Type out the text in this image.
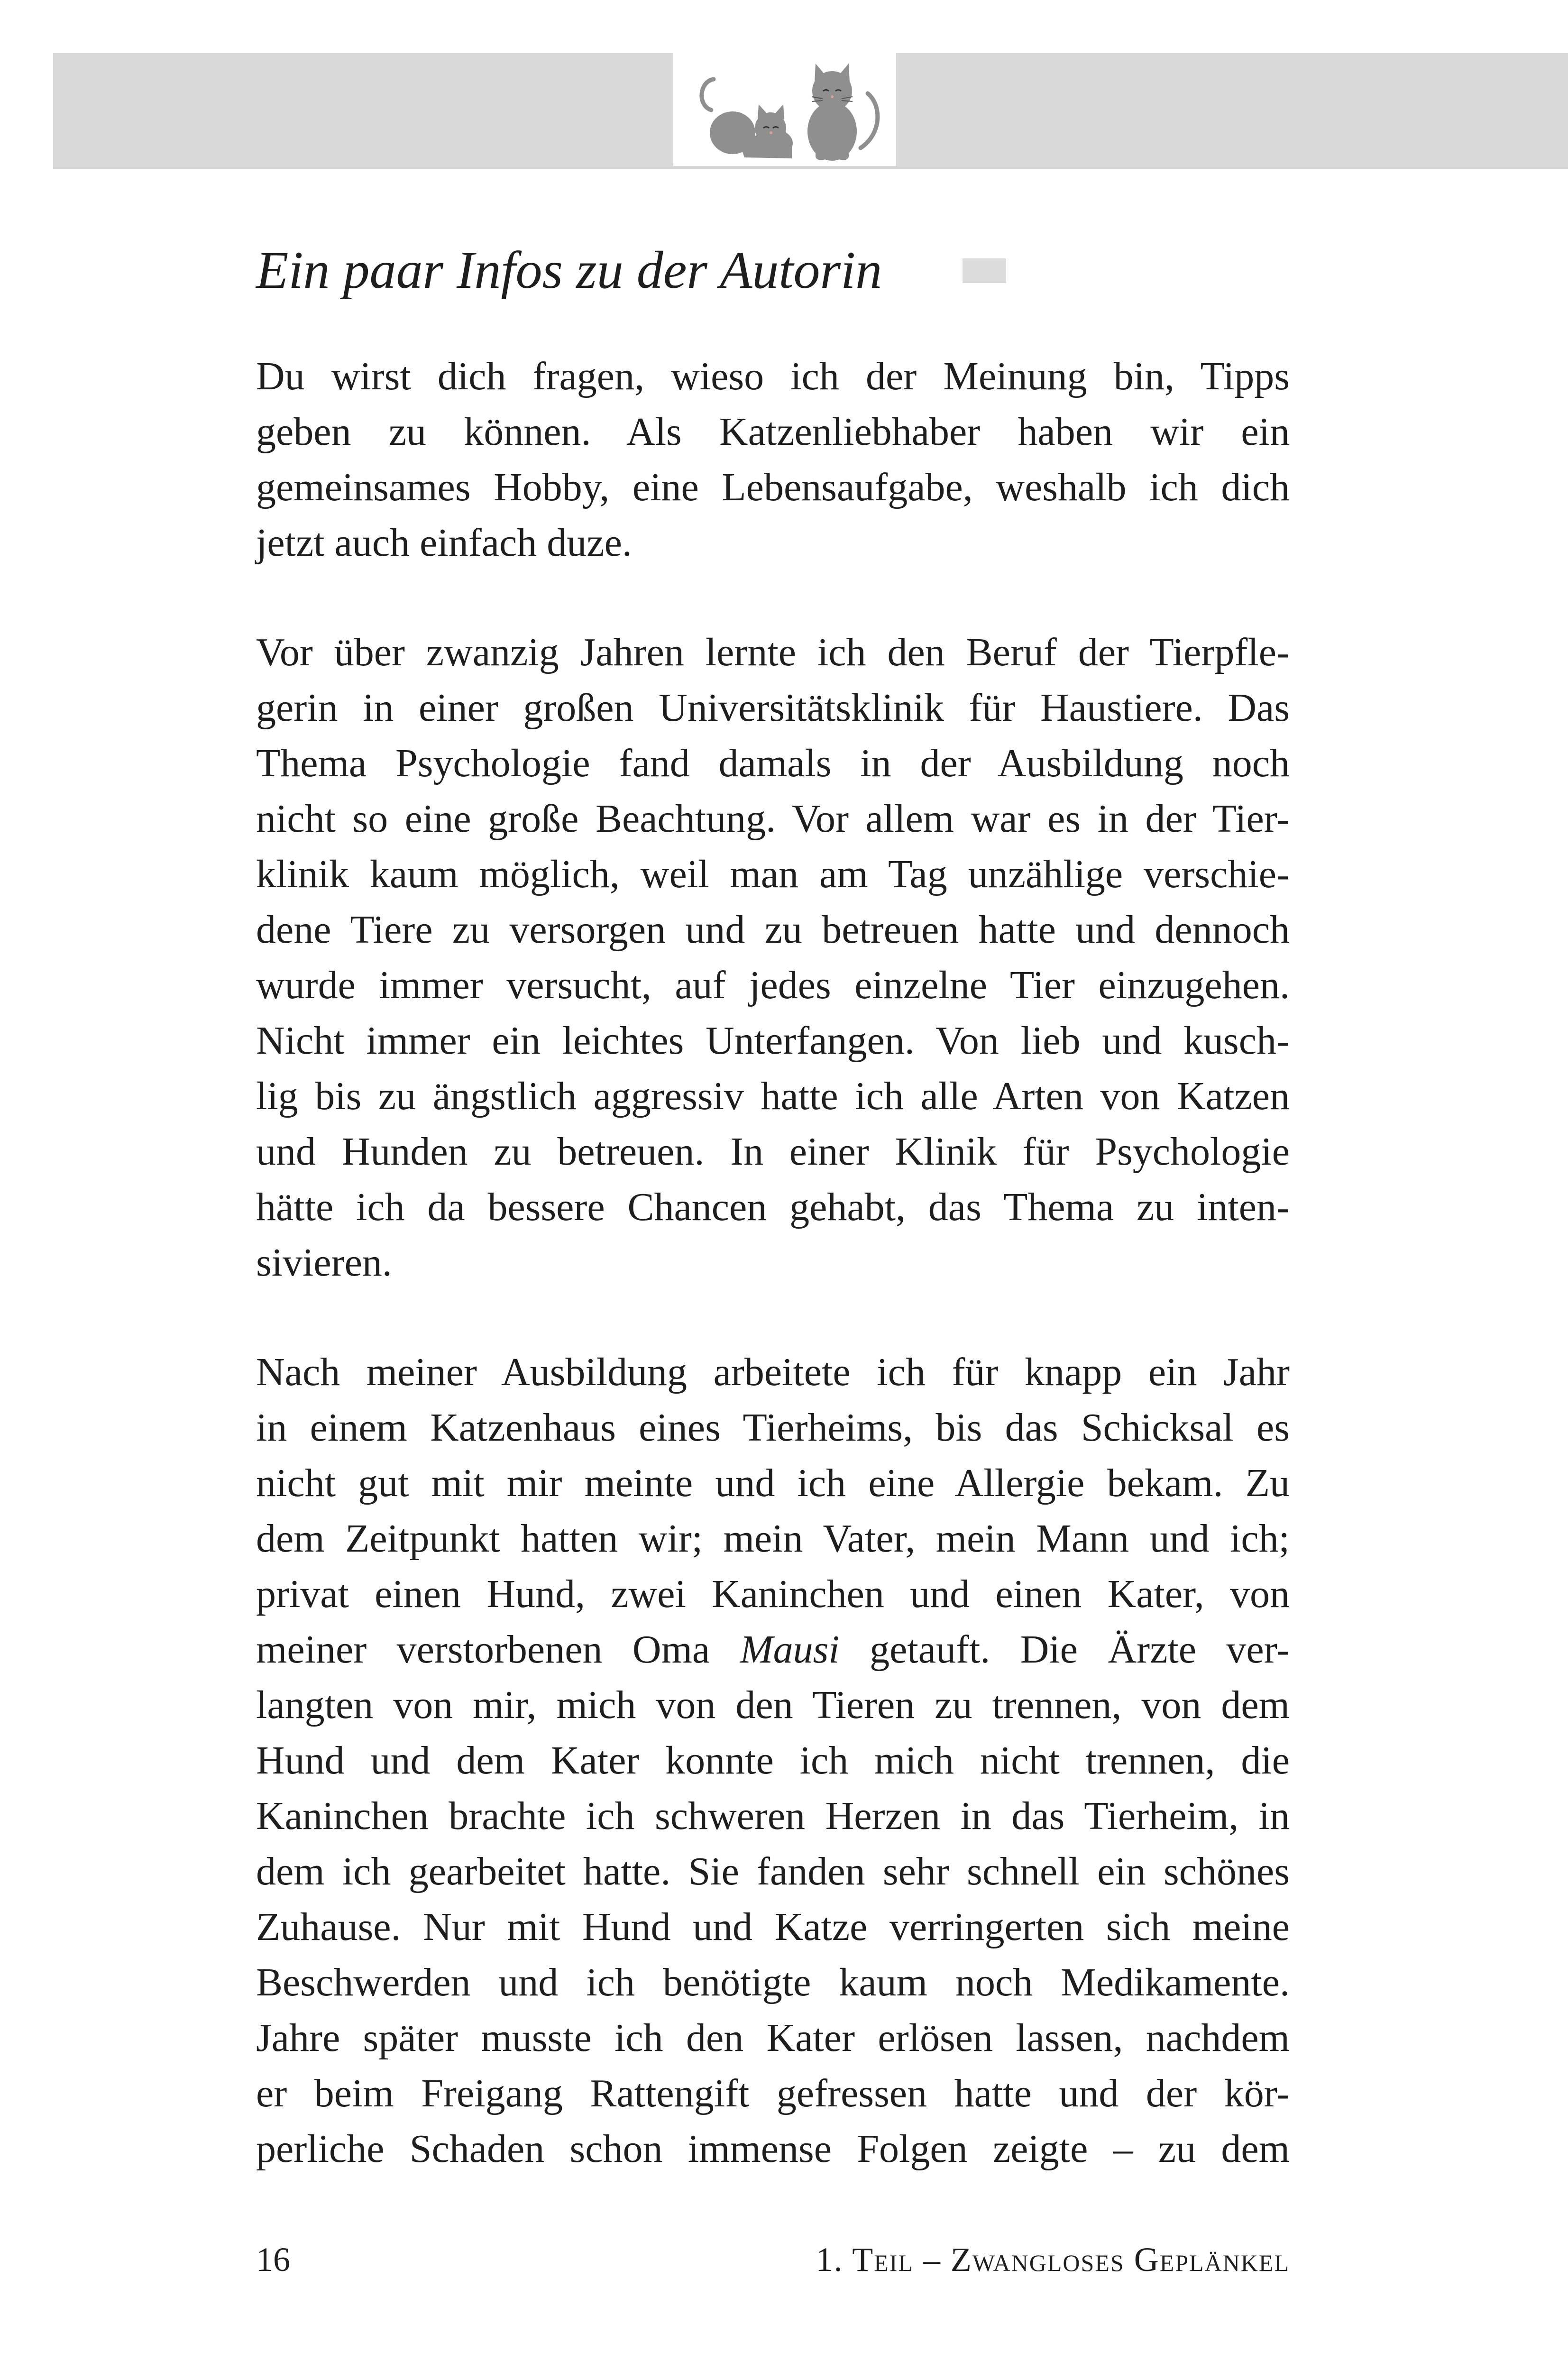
Ein paar Infos zu der Autorin
Du wirst dich fragen, wieso ich der Meinung bin, Tipps
geben zu können. Als Katzenliebhaber haben wir ein
gemeinsames Hobby, eine Lebensaufgabe, weshalb ich dich
jetzt auch einfach duze.
Vor über zwanzig Jahren lernte ich den Beruf der Tierpfle-
gerin in einer großen Universitätsklinik für Haustiere. Das
Thema Psychologie fand damals in der Ausbildung noch
nicht so eine große Beachtung. Vor allem war es in der Tier-
klinik kaum möglich, weil man am Tag unzählige verschie-
dene Tiere zu versorgen und zu betreuen hatte und dennoch
wurde immer versucht, auf jedes einzelne Tier einzugehen.
Nicht immer ein leichtes Unterfangen. Von lieb und kusch-
lig bis zu ängstlich aggressiv hatte ich alle Arten von Katzen
und Hunden zu betreuen. In einer Klinik für Psychologie
hätte ich da bessere Chancen gehabt, das Thema zu inten-
sivieren.
Nach meiner Ausbildung arbeitete ich für knapp ein Jahr
in einem Katzenhaus eines Tierheims, bis das Schicksal es
nicht gut mit mir meinte und ich eine Allergie bekam. Zu
dem Zeitpunkt hatten wir; mein Vater, mein Mann und ich;
privat einen Hund, zwei Kaninchen und einen Kater, von
meiner verstorbenen Oma Mausi getauft. Die Ärzte ver-
langten von mir, mich von den Tieren zu trennen, von dem
Hund und dem Kater konnte ich mich nicht trennen, die
Kaninchen brachte ich schweren Herzen in das Tierheim, in
dem ich gearbeitet hatte. Sie fanden sehr schnell ein schönes
Zuhause. Nur mit Hund und Katze verringerten sich meine
Beschwerden und ich benötigte kaum noch Medikamente.
Jahre später musste ich den Kater erlösen lassen, nachdem
er beim Freigang Rattengift gefressen hatte und der kör-
perliche Schaden schon immense Folgen zeigte – zu dem
16	1. Teil – Zwangloses Geplänkel
